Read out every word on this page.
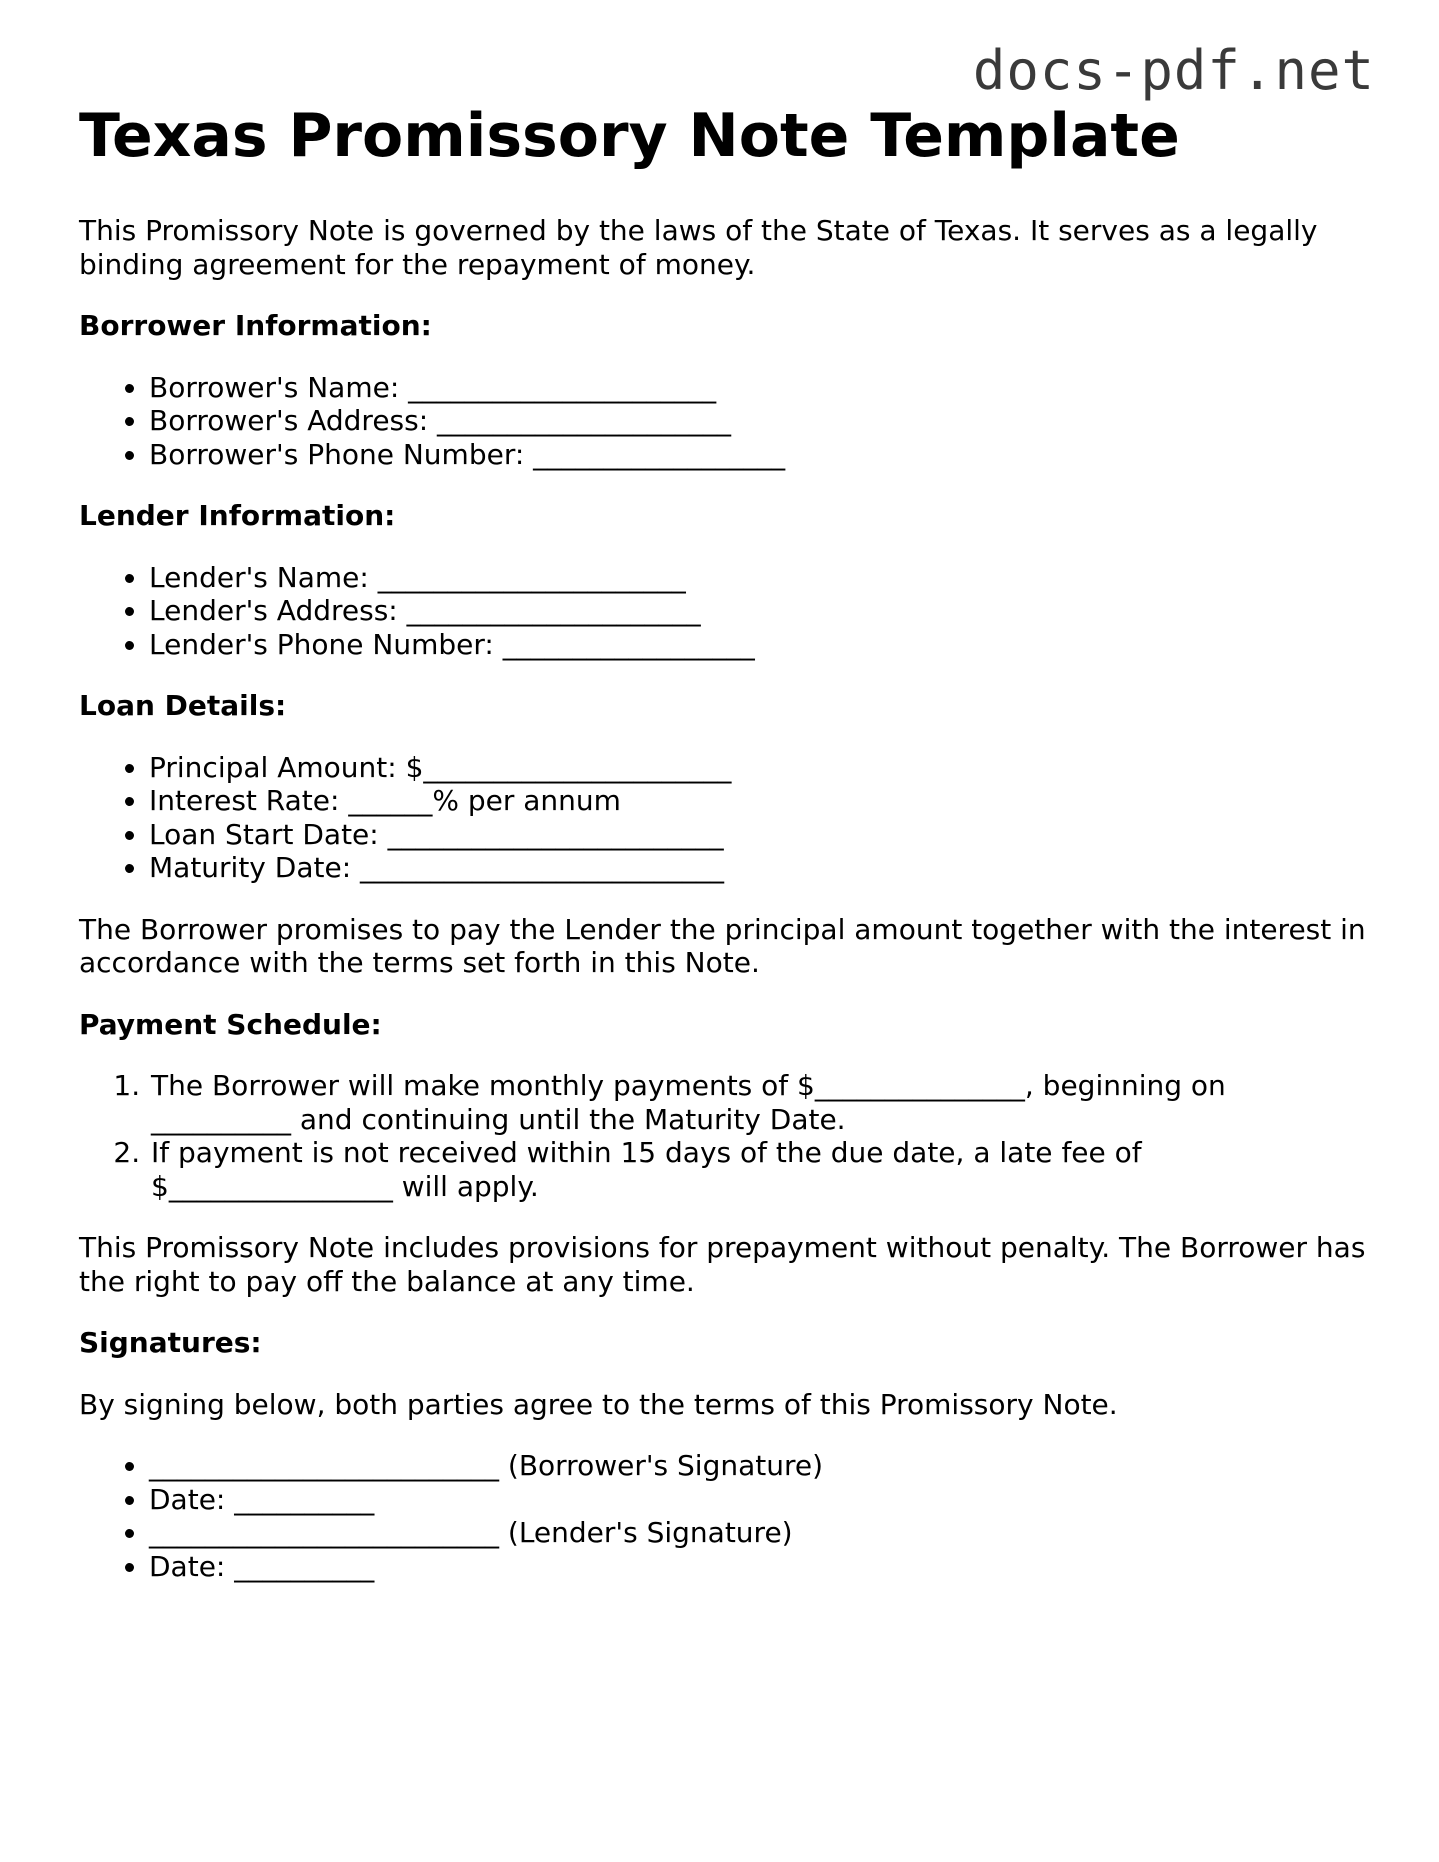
docs-pdf.net
Texas Promissory Note Template

This Promissory Note is governed by the laws of the State of Texas. It serves as a legally binding agreement for the repayment of money.

Borrower Information:
• Borrower's Name: ______________________
• Borrower's Address: _____________________
• Borrower's Phone Number: __________________
Lender Information:
• Lender's Name: ______________________
• Lender's Address: _____________________
• Lender's Phone Number: __________________
Loan Details:
• Principal Amount: $______________________
• Interest Rate: ______% per annum
• Loan Start Date: ________________________
• Maturity Date: __________________________

The Borrower promises to pay the Lender the principal amount together with the interest in accordance with the terms set forth in this Note.

Payment Schedule:
1. The Borrower will make monthly payments of $_______________, beginning on __________ and continuing until the Maturity Date.
2. If payment is not received within 15 days of the due date, a late fee of $________________ will apply.

This Promissory Note includes provisions for prepayment without penalty. The Borrower has the right to pay off the balance at any time.

Signatures:

By signing below, both parties agree to the terms of this Promissory Note.

• _________________________ (Borrower's Signature)
• Date: __________
• _________________________ (Lender's Signature)
• Date: __________
